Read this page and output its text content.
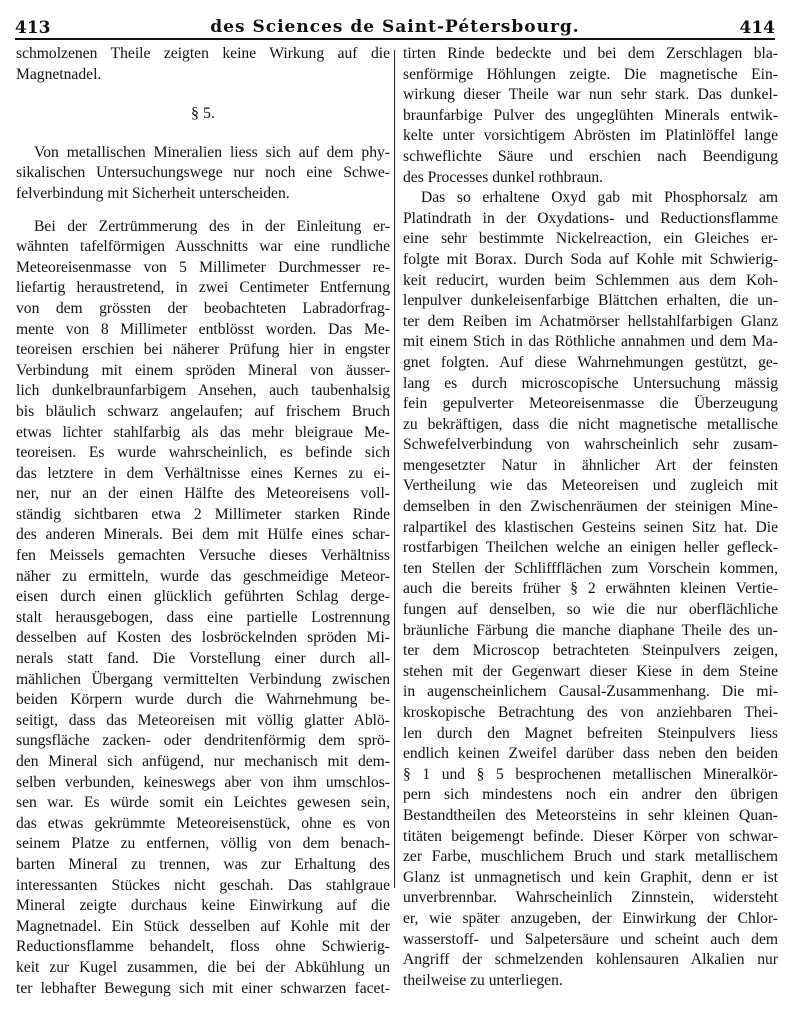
413	des Sciences de Saint-Pétersbourg.	414
schmolzenen Theile zeigten keine Wirkung auf die
Magnetnadel.
§ 5.
Von metallischen Mineralien liess sich auf dem phy-
sikalischen Untersuchungswege nur noch eine Schwe-
felverbindung mit Sicherheit unterscheiden.
Bei der Zertrümmerung des in der Einleitung er-
wähnten tafelförmigen Ausschnitts war eine rundliche
Meteoreisenmasse von 5 Millimeter Durchmesser re-
liefartig heraustretend, in zwei Centimeter Entfernung
von dem grössten der beobachteten Labradorfrag-
mente von 8 Millimeter entblösst worden. Das Me-
teoreisen erschien bei näherer Prüfung hier in engster
Verbindung mit einem spröden Mineral von äusser-
lich dunkelbraunfarbigem Ansehen, auch taubenhalsig
bis bläulich schwarz angelaufen; auf frischem Bruch
etwas lichter stahlfarbig als das mehr bleigraue Me-
teoreisen. Es wurde wahrscheinlich, es befinde sich
das letztere in dem Verhältnisse eines Kernes zu ei-
ner, nur an der einen Hälfte des Meteoreisens voll-
ständig sichtbaren etwa 2 Millimeter starken Rinde
des anderen Minerals. Bei dem mit Hülfe eines schar-
fen Meissels gemachten Versuche dieses Verhältniss
näher zu ermitteln, wurde das geschmeidige Meteor-
eisen durch einen glücklich geführten Schlag derge-
stalt herausgebogen, dass eine partielle Lostrennung
desselben auf Kosten des losbröckelnden spröden Mi-
nerals statt fand. Die Vorstellung einer durch all-
mählichen Übergang vermittelten Verbindung zwischen
beiden Körpern wurde durch die Wahrnehmung be-
seitigt, dass das Meteoreisen mit völlig glatter Ablö-
sungsfläche zacken- oder dendritenförmig dem sprö-
den Mineral sich anfügend, nur mechanisch mit dem-
selben verbunden, keineswegs aber von ihm umschlos-
sen war. Es würde somit ein Leichtes gewesen sein,
das etwas gekrümmte Meteoreisenstück, ohne es von
seinem Platze zu entfernen, völlig von dem benach-
barten Mineral zu trennen, was zur Erhaltung des
interessanten Stückes nicht geschah. Das stahlgraue
Mineral zeigte durchaus keine Einwirkung auf die
Magnetnadel. Ein Stück desselben auf Kohle mit der
Reductionsflamme behandelt, floss ohne Schwierig-
keit zur Kugel zusammen, die bei der Abkühlung un
ter lebhafter Bewegung sich mit einer schwarzen facet-
tirten Rinde bedeckte und bei dem Zerschlagen bla-
senförmige Höhlungen zeigte. Die magnetische Ein-
wirkung dieser Theile war nun sehr stark. Das dunkel-
braunfarbige Pulver des ungeglühten Minerals entwik-
kelte unter vorsichtigem Abrösten im Platinlöffel lange
schweflichte Säure und erschien nach Beendigung
des Processes dunkel rothbraun.
Das so erhaltene Oxyd gab mit Phosphorsalz am
Platindrath in der Oxydations- und Reductionsflamme
eine sehr bestimmte Nickelreaction, ein Gleiches er-
folgte mit Borax. Durch Soda auf Kohle mit Schwierig-
keit reducirt, wurden beim Schlemmen aus dem Koh-
lenpulver dunkeleisenfarbige Blättchen erhalten, die un-
ter dem Reiben im Achatmörser hellstahlfarbigen Glanz
mit einem Stich in das Röthliche annahmen und dem Ma-
gnet folgten. Auf diese Wahrnehmungen gestützt, ge-
lang es durch microscopische Untersuchung mässig
fein gepulverter Meteoreisenmasse die Überzeugung
zu bekräftigen, dass die nicht magnetische metallische
Schwefelverbindung von wahrscheinlich sehr zusam-
mengesetzter Natur in ähnlicher Art der feinsten
Vertheilung wie das Meteoreisen und zugleich mit
demselben in den Zwischenräumen der steinigen Mine-
ralpartikel des klastischen Gesteins seinen Sitz hat. Die
rostfarbigen Theilchen welche an einigen heller gefleck-
ten Stellen der Schliffflächen zum Vorschein kommen,
auch die bereits früher § 2 erwähnten kleinen Vertie-
fungen auf denselben, so wie die nur oberflächliche
bräunliche Färbung die manche diaphane Theile des un-
ter dem Microscop betrachteten Steinpulvers zeigen,
stehen mit der Gegenwart dieser Kiese in dem Steine
in augenscheinlichem Causal-Zusammenhang. Die mi-
kroskopische Betrachtung des von anziehbaren Thei-
len durch den Magnet befreiten Steinpulvers liess
endlich keinen Zweifel darüber dass neben den beiden
§ 1 und § 5 besprochenen metallischen Mineralkör-
pern sich mindestens noch ein andrer den übrigen
Bestandtheilen des Meteorsteins in sehr kleinen Quan-
titäten beigemengt befinde. Dieser Körper von schwar-
zer Farbe, muschlichem Bruch und stark metallischem
Glanz ist unmagnetisch und kein Graphit, denn er ist
unverbrennbar. Wahrscheinlich Zinnstein, widersteht
er, wie später anzugeben, der Einwirkung der Chlor-
wasserstoff- und Salpetersäure und scheint auch dem
Angriff der schmelzenden kohlensauren Alkalien nur
theilweise zu unterliegen.
